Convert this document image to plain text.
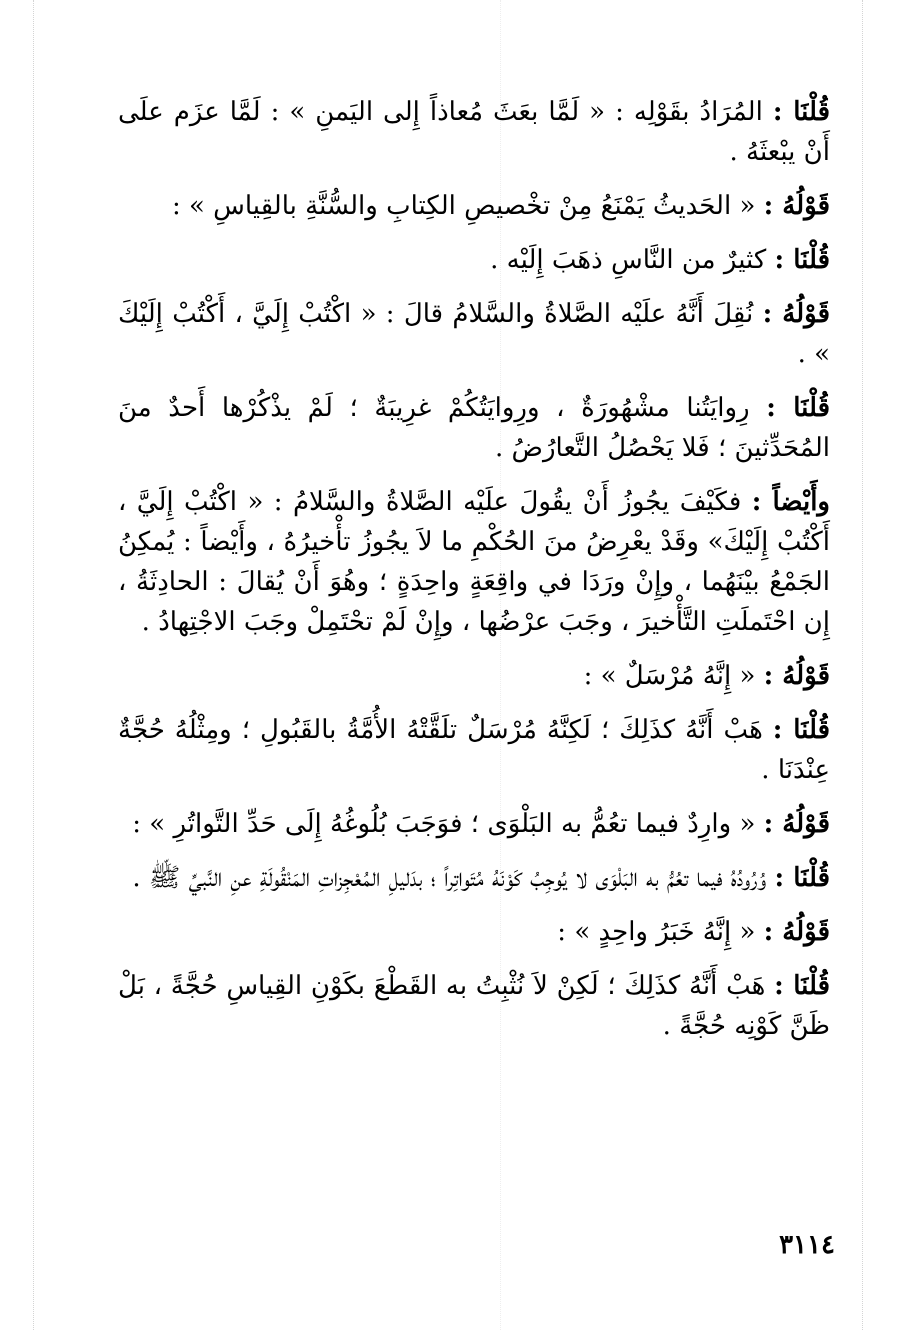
قُلْنَا : المُرَادُ بقَوْلِه : « لَمَّا بعَثَ مُعاذاً إِلى اليَمنِ » : لَمَّا عزَم علَى أَنْ يبْعثَهُ .

قَوْلُهُ : « الحَديثُ يَمْنَعُ مِنْ تخْصيصِ الكِتابِ والسُّنَّةِ بالقِياسِ » :

قُلْنَا : كثيرٌ من النَّاسِ ذهَبَ إِلَيْه .

قَوْلُهُ : نُقِلَ أَنَّهُ علَيْه الصَّلاةُ والسَّلامُ قالَ : « اكْتُبْ إِلَيَّ ، أَكْتُبْ إِلَيْكَ » .

قُلْنَا : رِوايَتُنا مشْهُورَةٌ ، ورِوايَتُكُمْ غرِيبَةٌ ؛ لَمْ يذْكُرْها أَحدٌ منَ المُحَدِّثينَ ؛ فَلا يَحْصُلُ التَّعارُضُ .

وأَيْضاً : فكَيْفَ يجُوزُ أَنْ يقُولَ علَيْه الصَّلاةُ والسَّلامُ : « اكْتُبْ إِلَيَّ ، أَكْتُبْ إِلَيْكَ» وقَدْ يعْرِضُ منَ الحُكْمِ ما لاَ يجُوزُ تأْخيرُهُ ، وأَيْضاً : يُمكِنُ الجَمْعُ بيْنَهُما ، وإِنْ ورَدَا في واقِعَةٍ واحِدَةٍ ؛ وهُوَ أَنْ يُقالَ : الحادِثَةُ ، إِن احْتَملَتِ التَّأْخيرَ ، وجَبَ عرْضُها ، وإِنْ لَمْ تحْتَمِلْ وجَبَ الاجْتِهادُ .

قَوْلُهُ : « إِنَّهُ مُرْسَلٌ » :

قُلْنَا : هَبْ أَنَّهُ كذَلِكَ ؛ لَكِنَّهُ مُرْسَلٌ تلَقَّتْهُ الأُمَّةُ بالقَبُولِ ؛ ومِثْلُهُ حُجَّةٌ عِنْدَنَا .

قَوْلُهُ : « وارِدٌ فيما تعُمُّ به البَلْوَى ؛ فوَجَبَ بُلُوغُهُ إِلَى حَدِّ التَّواتُرِ » :

قُلْنَا : وُرُودُهُ فيما تعُمُّ به البَلْوَى لا يُوجِبُ كَوْنَهُ مُتَواتِراً ؛ بدَليلِ المُعْجِزاتِ المَنْقُولَةِ عنِ النَّبيِّ ﷺ .

قَوْلُهُ : « إِنَّهُ خَبَرُ واحِدٍ » :

قُلْنَا : هَبْ أَنَّهُ كذَلِكَ ؛ لَكِنْ لاَ نُثْبِتُ به القَطْعَ بكَوْنِ القِياسِ حُجَّةً ، بَلْ ظَنَّ كَوْنِه حُجَّةً .

٣١١٤
